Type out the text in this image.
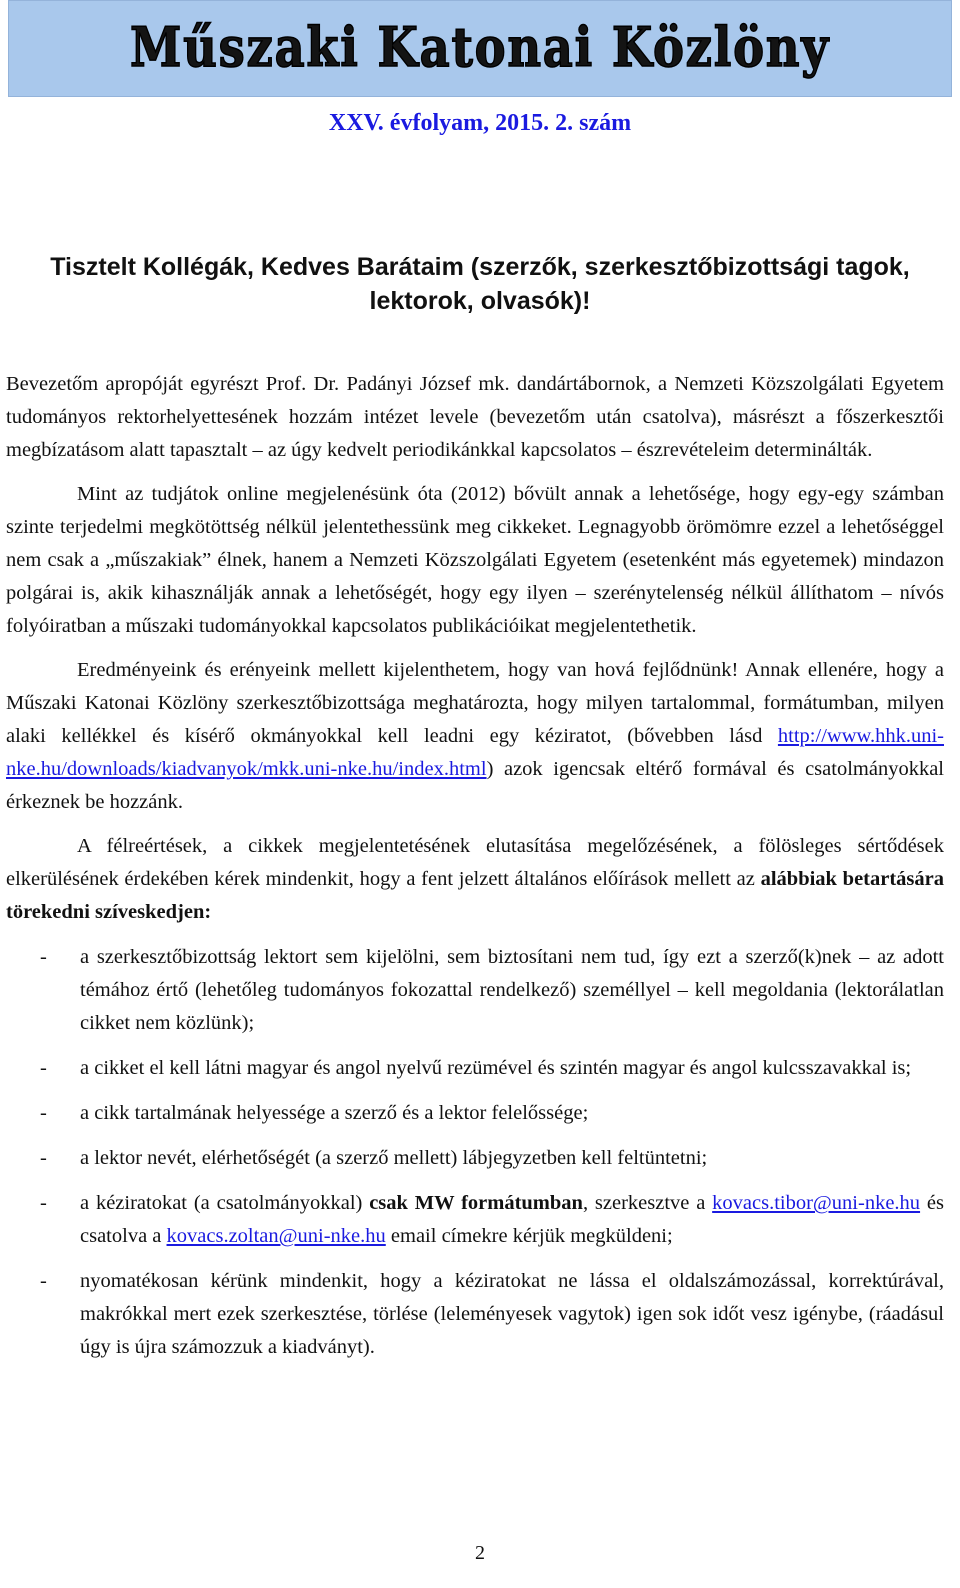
Műszaki Katonai Közlöny
XXV. évfolyam, 2015. 2. szám
Tisztelt Kollégák, Kedves Barátaim (szerzők, szerkesztőbizottsági tagok, lektorok, olvasók)!

Bevezetőm apropóját egyrészt Prof. Dr. Padányi József mk. dandártábornok, a Nemzeti Közszolgálati Egyetem tudományos rektorhelyettesének hozzám intézet levele (bevezetőm után csatolva), másrészt a főszerkesztői megbízatásom alatt tapasztalt – az úgy kedvelt periodikánkkal kapcsolatos – észrevételeim determinálták.

Mint az tudjátok online megjelenésünk óta (2012) bővült annak a lehetősége, hogy egy-egy számban szinte terjedelmi megkötöttség nélkül jelentethessünk meg cikkeket. Legnagyobb örömömre ezzel a lehetőséggel nem csak a „műszakiak” élnek, hanem a Nemzeti Közszolgálati Egyetem (esetenként más egyetemek) mindazon polgárai is, akik kihasználják annak a lehetőségét, hogy egy ilyen – szerénytelenség nélkül állíthatom – nívós folyóiratban a műszaki tudományokkal kapcsolatos publikációikat megjelentethetik.

Eredményeink és erényeink mellett kijelenthetem, hogy van hová fejlődnünk! Annak ellenére, hogy a Műszaki Katonai Közlöny szerkesztőbizottsága meghatározta, hogy milyen tartalommal, formátumban, milyen alaki kellékkel és kísérő okmányokkal kell leadni egy kéziratot, (bővebben lásd http://www.hhk.uni-nke.hu/downloads/kiadvanyok/mkk.uni-nke.hu/index.html) azok igencsak eltérő formával és csatolmányokkal érkeznek be hozzánk.

A félreértések, a cikkek megjelentetésének elutasítása megelőzésének, a fölösleges sértődések elkerülésének érdekében kérek mindenkit, hogy a fent jelzett általános előírások mellett az alábbiak betartására törekedni szíveskedjen:

- a szerkesztőbizottság lektort sem kijelölni, sem biztosítani nem tud, így ezt a szerző(k)nek – az adott témához értő (lehetőleg tudományos fokozattal rendelkező) személlyel – kell megoldania (lektorálatlan cikket nem közlünk);
- a cikket el kell látni magyar és angol nyelvű rezümével és szintén magyar és angol kulcsszavakkal is;
- a cikk tartalmának helyessége a szerző és a lektor felelőssége;
- a lektor nevét, elérhetőségét (a szerző mellett) lábjegyzetben kell feltüntetni;
- a kéziratokat (a csatolmányokkal) csak MW formátumban, szerkesztve a kovacs.tibor@uni-nke.hu és csatolva a kovacs.zoltan@uni-nke.hu email címekre kérjük megküldeni;
- nyomatékosan kérünk mindenkit, hogy a kéziratokat ne lássa el oldalszámozással, korrektúrával, makrókkal mert ezek szerkesztése, törlése (leleményesek vagytok) igen sok időt vesz igénybe, (ráadásul úgy is újra számozzuk a kiadványt).
2
